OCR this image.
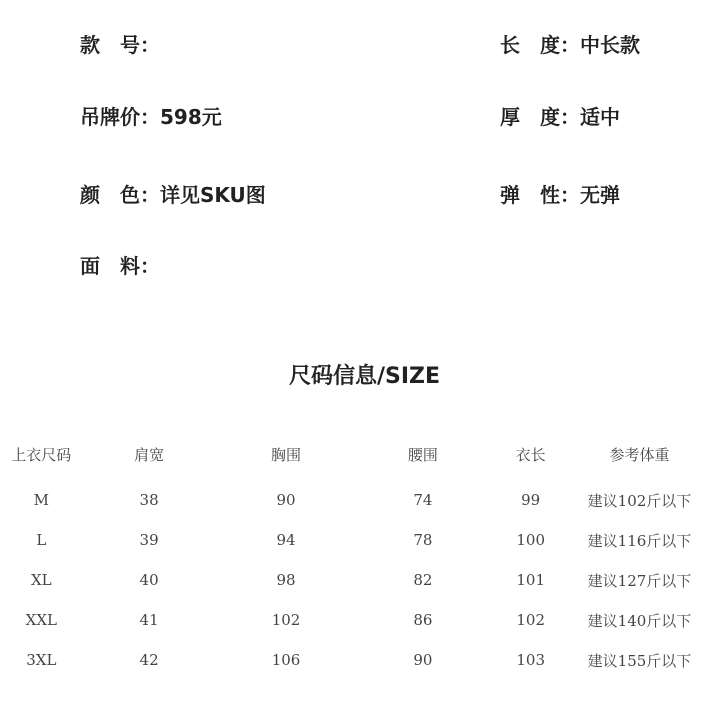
款　号：	长　度：中长款
吊牌价：598元	厚　度：适中
颜　色：详见SKU图	弹　性：无弹
面　料：
尺码信息/SIZE
上衣尺码	肩宽	胸围	腰围	衣长	参考体重
M	38	90	74	99	建议102斤以下
L	39	94	78	100	建议116斤以下
XL	40	98	82	101	建议127斤以下
XXL	41	102	86	102	建议140斤以下
3XL	42	106	90	103	建议155斤以下
